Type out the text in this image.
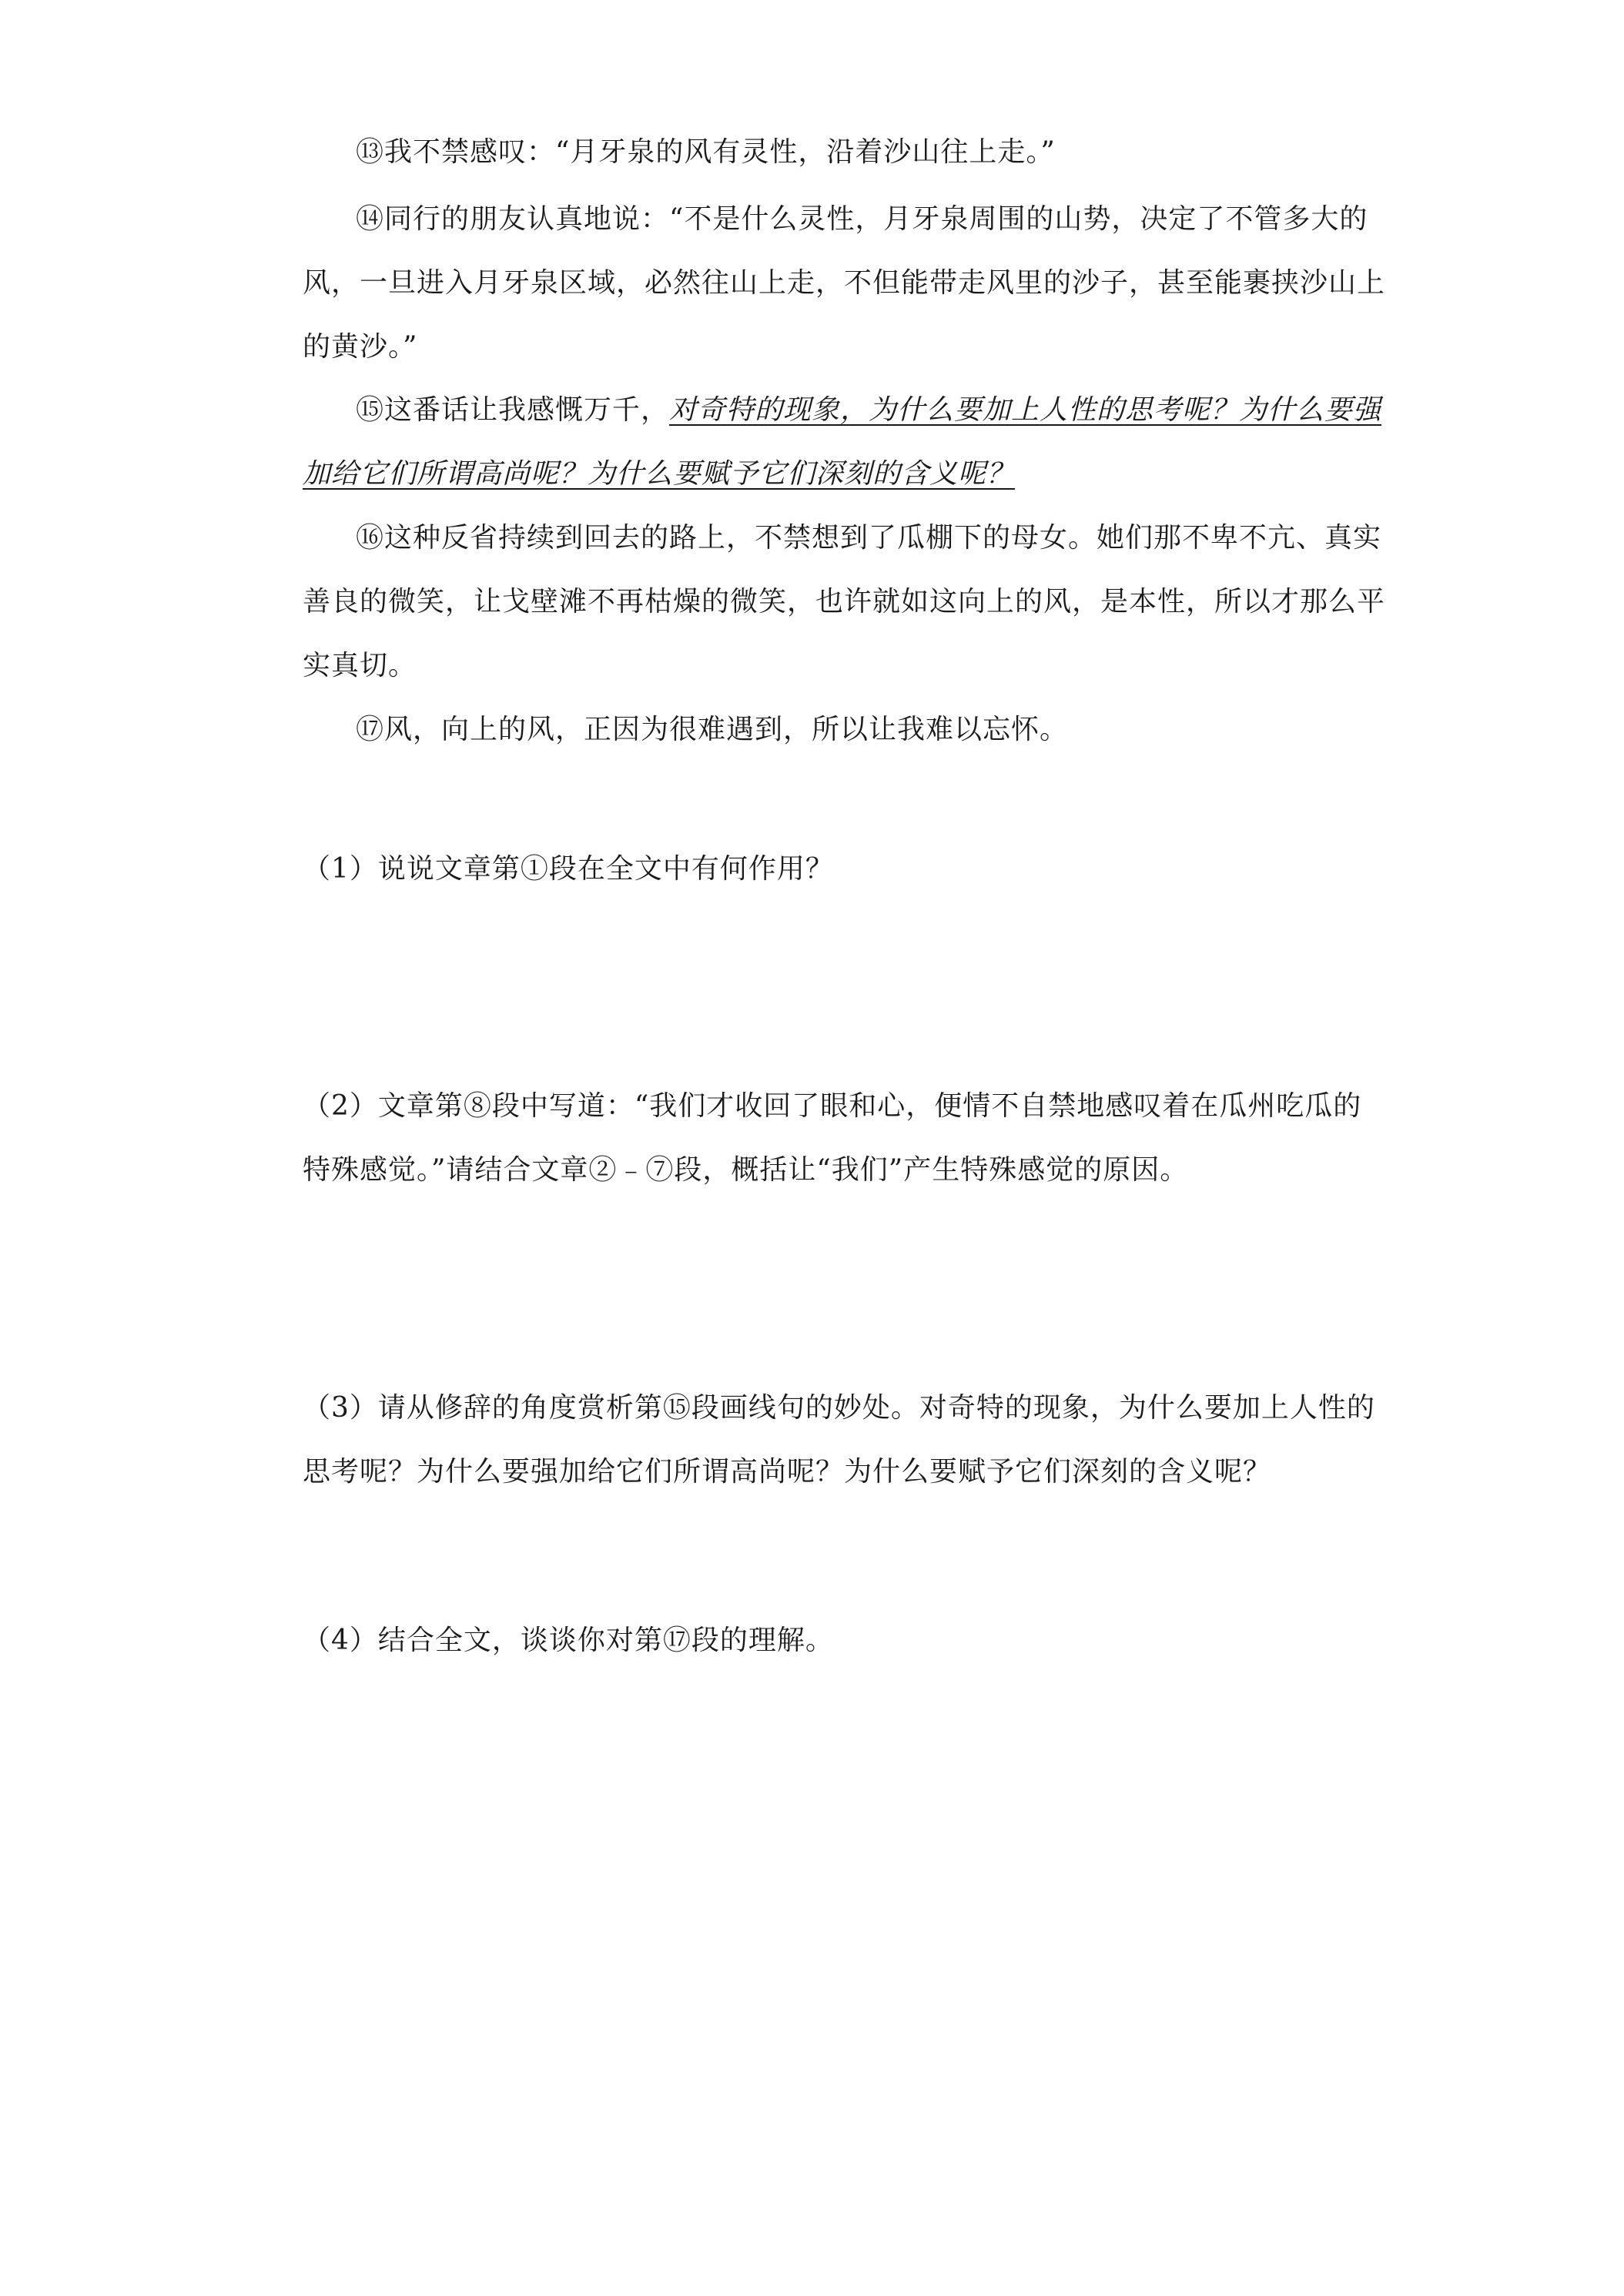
⑬我不禁感叹：“月牙泉的风有灵性，沿着沙山往上走。”
⑭同行的朋友认真地说：“不是什么灵性，月牙泉周围的山势，决定了不管多大的
风，一旦进入月牙泉区域，必然往山上走，不但能带走风里的沙子，甚至能裹挟沙山上
的黄沙。”
⑮这番话让我感慨万千，对奇特的现象，为什么要加上人性的思考呢？为什么要强
加给它们所谓高尚呢？为什么要赋予它们深刻的含义呢？
⑯这种反省持续到回去的路上，不禁想到了瓜棚下的母女。她们那不卑不亢、真实
善良的微笑，让戈壁滩不再枯燥的微笑，也许就如这向上的风，是本性，所以才那么平
实真切。
⑰风，向上的风，正因为很难遇到，所以让我难以忘怀。
（1）说说文章第①段在全文中有何作用？
（2）文章第⑧段中写道：“我们才收回了眼和心，便情不自禁地感叹着在瓜州吃瓜的
特殊感觉。”请结合文章②﹣⑦段，概括让“我们”产生特殊感觉的原因。
（3）请从修辞的角度赏析第⑮段画线句的妙处。对奇特的现象，为什么要加上人性的
思考呢？为什么要强加给它们所谓高尚呢？为什么要赋予它们深刻的含义呢？
（4）结合全文，谈谈你对第⑰段的理解。
